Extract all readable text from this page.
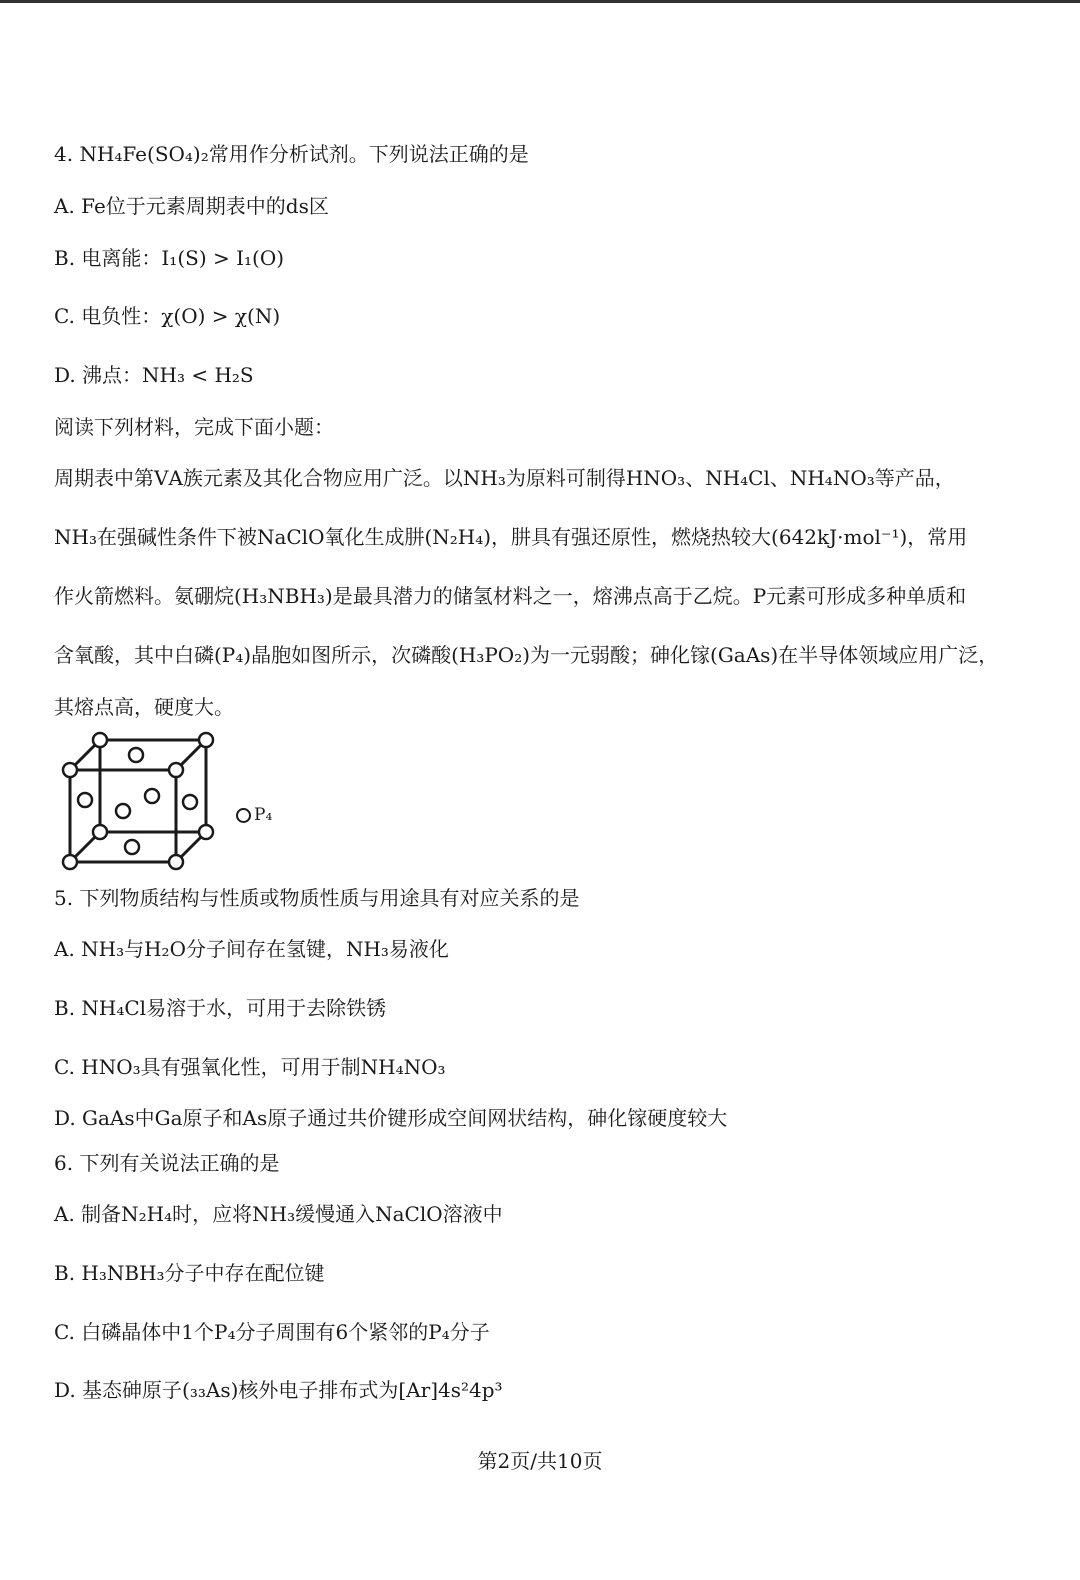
4. NH₄Fe(SO₄)₂常用作分析试剂。下列说法正确的是
A. Fe位于元素周期表中的ds区
B. 电离能：I₁(S) > I₁(O)
C. 电负性：χ(O) > χ(N)
D. 沸点：NH₃ < H₂S
阅读下列材料，完成下面小题：
周期表中第ⅤA族元素及其化合物应用广泛。以NH₃为原料可制得HNO₃、NH₄Cl、NH₄NO₃等产品，
NH₃在强碱性条件下被NaClO氧化生成肼(N₂H₄)，肼具有强还原性，燃烧热较大(642kJ·mol⁻¹)，常用
作火箭燃料。氨硼烷(H₃NBH₃)是最具潜力的储氢材料之一，熔沸点高于乙烷。P元素可形成多种单质和
含氧酸，其中白磷(P₄)晶胞如图所示，次磷酸(H₃PO₂)为一元弱酸；砷化镓(GaAs)在半导体领域应用广泛，
其熔点高，硬度大。
P₄
5. 下列物质结构与性质或物质性质与用途具有对应关系的是
A. NH₃与H₂O分子间存在氢键，NH₃易液化
B. NH₄Cl易溶于水，可用于去除铁锈
C. HNO₃具有强氧化性，可用于制NH₄NO₃
D. GaAs中Ga原子和As原子通过共价键形成空间网状结构，砷化镓硬度较大
6. 下列有关说法正确的是
A. 制备N₂H₄时，应将NH₃缓慢通入NaClO溶液中
B. H₃NBH₃分子中存在配位键
C. 白磷晶体中1个P₄分子周围有6个紧邻的P₄分子
D. 基态砷原子(₃₃As)核外电子排布式为[Ar]4s²4p³
第2页/共10页
